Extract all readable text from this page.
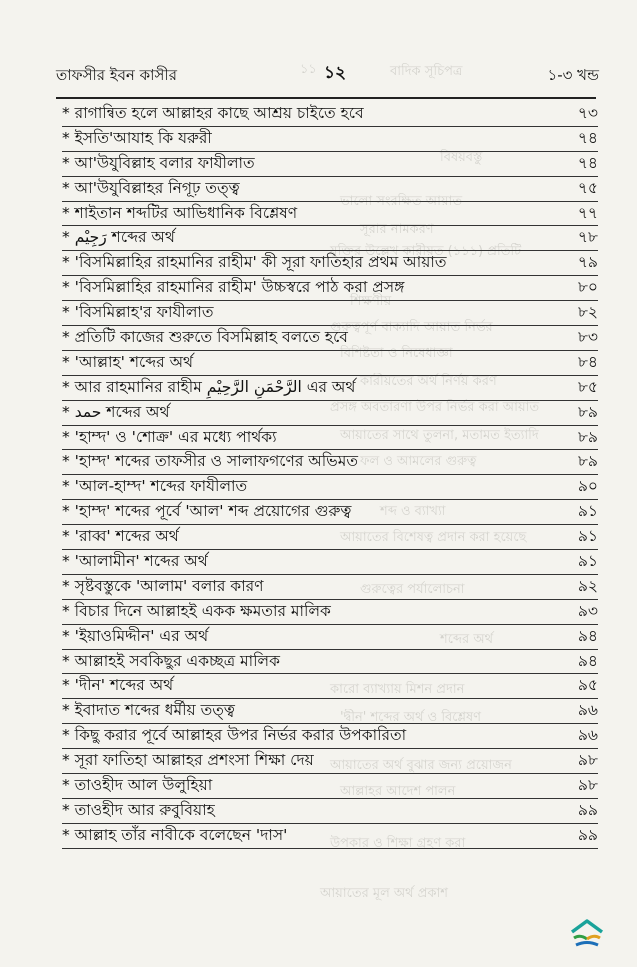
১১	বাদিক সূচিপত্র
বিষয়বস্তু
ভালো সংরক্ষিত আয়াত
সূরার নামকরণ
যুক্তির উল্লেখ কারীয়ত (১১১) প্রতিটি
শিক্ষণীয়
গুরুত্বপূর্ণ বাক্যাদি আয়াত নির্ভর
বিশিষ্টতা ও নিষেধাজ্ঞা
কারীয়তের অর্থ নির্ণয় করণ
প্রসঙ্গ অবতারণা উপর নির্ভর করা আয়াত
আয়াতের সাথে তুলনা, মতামত ইত্যাদি
ফল ও আমলের গুরুত্ব
শব্দ ও ব্যাখ্যা
আয়াতের বিশেষত্ব প্রদান করা হয়েছে
গুরুত্বের পর্যালোচনা
শব্দের অর্থ
কারো ব্যাখ্যায় মিশন প্রদান
'দ্বীন' শব্দের অর্থ ও বিশ্লেষণ
আয়াতের অর্থ বুঝার জন্য প্রয়োজন
আল্লাহর আদেশ পালন
উপকার ও শিক্ষা গ্রহণ করা
আয়াতের মূল অর্থ প্রকাশ
তাফসীর ইবন কাসীর	১২	১-৩ খন্ড
* রাগান্বিত হলে আল্লাহর কাছে আশ্রয় চাইতে হবে	৭৩
* ইসতি'আযাহ কি যরুরী	৭৪
* আ'উযুবিল্লাহ বলার ফাযীলাত	৭৪
* আ'উযুবিল্লাহর নিগূঢ় তত্ত্ব	৭৫
* শাইতান শব্দটির আভিধানিক বিশ্লেষণ	৭৭
* رَجِيْم শব্দের অর্থ	৭৮
* 'বিসমিল্লাহির রাহমানির রাহীম' কী সূরা ফাতিহার প্রথম আয়াত	৭৯
* 'বিসমিল্লাহির রাহমানির রাহীম' উচ্চস্বরে পাঠ করা প্রসঙ্গ	৮০
* 'বিসমিল্লাহ'র ফাযীলাত	৮২
* প্রতিটি কাজের শুরুতে বিসমিল্লাহ বলতে হবে	৮৩
* 'আল্লাহ' শব্দের অর্থ	৮৪
* আর রাহমানির রাহীম الرَّحْمَنِ الرَّحِيْمِ এর অর্থ	৮৫
* حمد শব্দের অর্থ	৮৯
* 'হাম্দ' ও 'শোক্র' এর মধ্যে পার্থক্য	৮৯
* 'হাম্দ' শব্দের তাফসীর ও সালাফগণের অভিমত	৮৯
* 'আল-হাম্দ' শব্দের ফাযীলাত	৯০
* 'হাম্দ' শব্দের পূর্বে 'আল' শব্দ প্রয়োগের গুরুত্ব	৯১
* 'রাব্ব' শব্দের অর্থ	৯১
* 'আলামীন' শব্দের অর্থ	৯১
* সৃষ্টবস্তুকে 'আলাম' বলার কারণ	৯২
* বিচার দিনে আল্লাহই একক ক্ষমতার মালিক	৯৩
* 'ইয়াওমিদ্দীন' এর অর্থ	৯৪
* আল্লাহই সবকিছুর একচ্ছত্র মালিক	৯৪
* 'দীন' শব্দের অর্থ	৯৫
* ইবাদাত শব্দের ধর্মীয় তত্ত্ব	৯৬
* কিছু করার পূর্বে আল্লাহর উপর নির্ভর করার উপকারিতা	৯৬
* সূরা ফাতিহা আল্লাহর প্রশংসা শিক্ষা দেয়	৯৮
* তাওহীদ আল উলুহিয়া	৯৮
* তাওহীদ আর রুবুবিয়াহ	৯৯
* আল্লাহ তাঁর নাবীকে বলেছেন 'দাস'	৯৯
